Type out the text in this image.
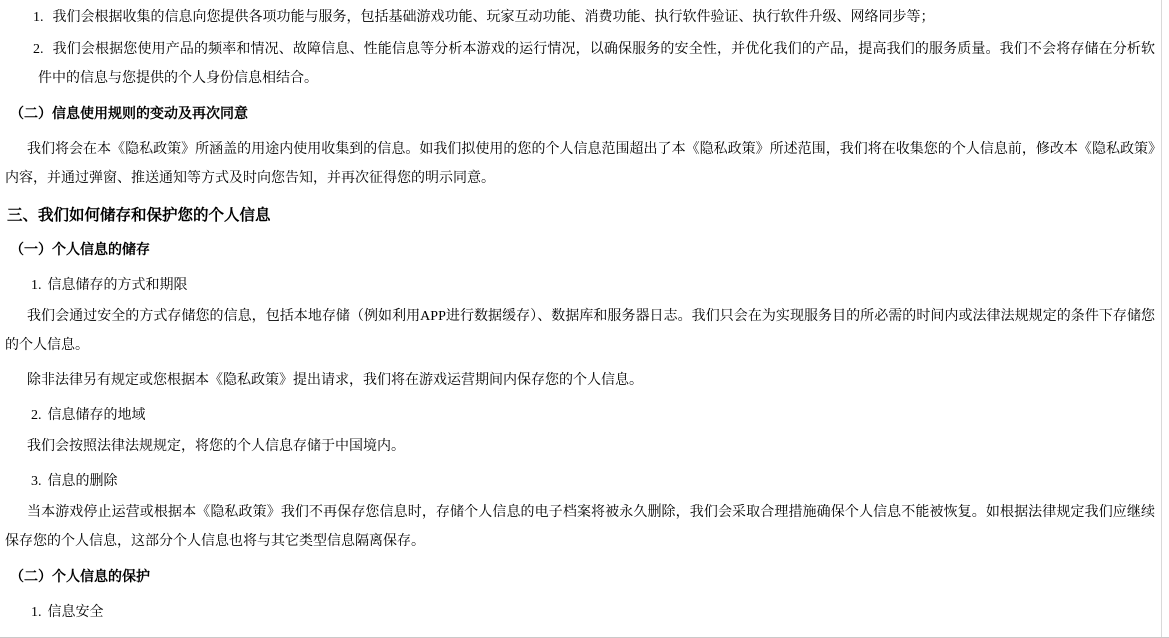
1. 我们会根据收集的信息向您提供各项功能与服务，包括基础游戏功能、玩家互动功能、消费功能、执行软件验证、执行软件升级、网络同步等；
2. 我们会根据您使用产品的频率和情况、故障信息、性能信息等分析本游戏的运行情况，以确保服务的安全性，并优化我们的产品，提高我们的服务质量。我们不会将存储在分析软件中的信息与您提供的个人身份信息相结合。
（二）信息使用规则的变动及再次同意
我们将会在本《隐私政策》所涵盖的用途内使用收集到的信息。如我们拟使用的您的个人信息范围超出了本《隐私政策》所述范围，我们将在收集您的个人信息前，修改本《隐私政策》内容，并通过弹窗、推送通知等方式及时向您告知，并再次征得您的明示同意。
三、我们如何储存和保护您的个人信息
（一）个人信息的储存
1. 信息储存的方式和期限
我们会通过安全的方式存储您的信息，包括本地存储（例如利用APP进行数据缓存）、数据库和服务器日志。我们只会在为实现服务目的所必需的时间内或法律法规规定的条件下存储您的个人信息。
除非法律另有规定或您根据本《隐私政策》提出请求，我们将在游戏运营期间内保存您的个人信息。
2. 信息储存的地域
我们会按照法律法规规定，将您的个人信息存储于中国境内。
3. 信息的删除
当本游戏停止运营或根据本《隐私政策》我们不再保存您信息时，存储个人信息的电子档案将被永久删除，我们会采取合理措施确保个人信息不能被恢复。如根据法律规定我们应继续保存您的个人信息，这部分个人信息也将与其它类型信息隔离保存。
（二）个人信息的保护
1. 信息安全
